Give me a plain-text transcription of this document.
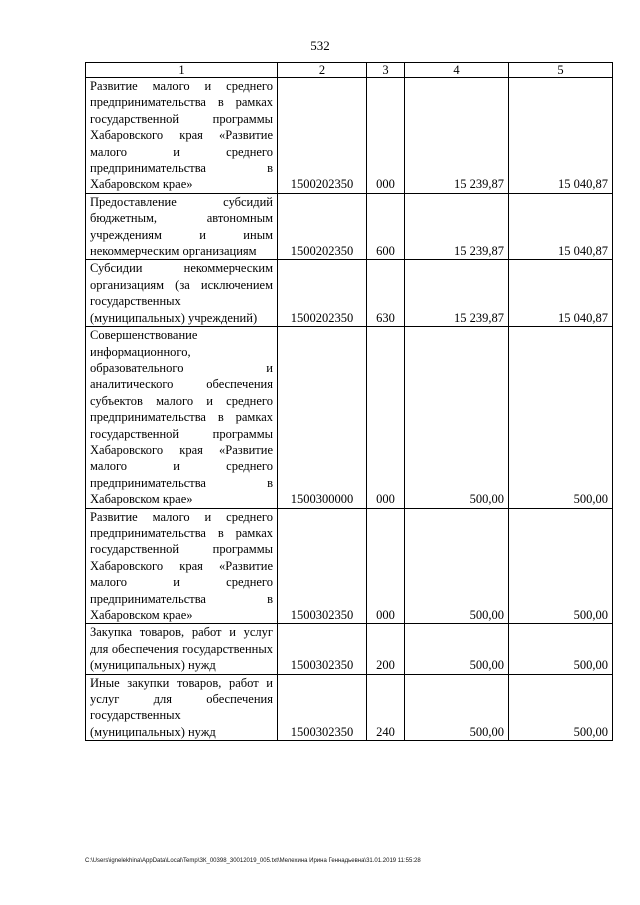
532
1	2	3	4	5
Развитие малого и среднего предпринимательства в рамках государственной программы Хабаровского края «Развитие малого и среднего предпринимательства в Хабаровском крае»	1500202350	000	15 239,87	15 040,87
Предоставление субсидий бюджетным, автономным учреждениям и иным некоммерческим организациям	1500202350	600	15 239,87	15 040,87
Субсидии некоммерческим организациям (за исключением государственных (муниципальных) учреждений)	1500202350	630	15 239,87	15 040,87
Совершенствование информационного, образовательного и аналитического обеспечения субъектов малого и среднего предпринимательства в рамках государственной программы Хабаровского края «Развитие малого и среднего предпринимательства в Хабаровском крае»	1500300000	000	500,00	500,00
Развитие малого и среднего предпринимательства в рамках государственной программы Хабаровского края «Развитие малого и среднего предпринимательства в Хабаровском крае»	1500302350	000	500,00	500,00
Закупка товаров, работ и услуг для обеспечения государственных (муниципальных) нужд	1500302350	200	500,00	500,00
Иные закупки товаров, работ и услуг для обеспечения государственных (муниципальных) нужд	1500302350	240	500,00	500,00
C:\Users\ignelekhina\AppData\Local\Temp\ЗК_00398_30012019_005.txt\Мелехина Ирина Геннадьевна\31.01.2019 11:55:28
